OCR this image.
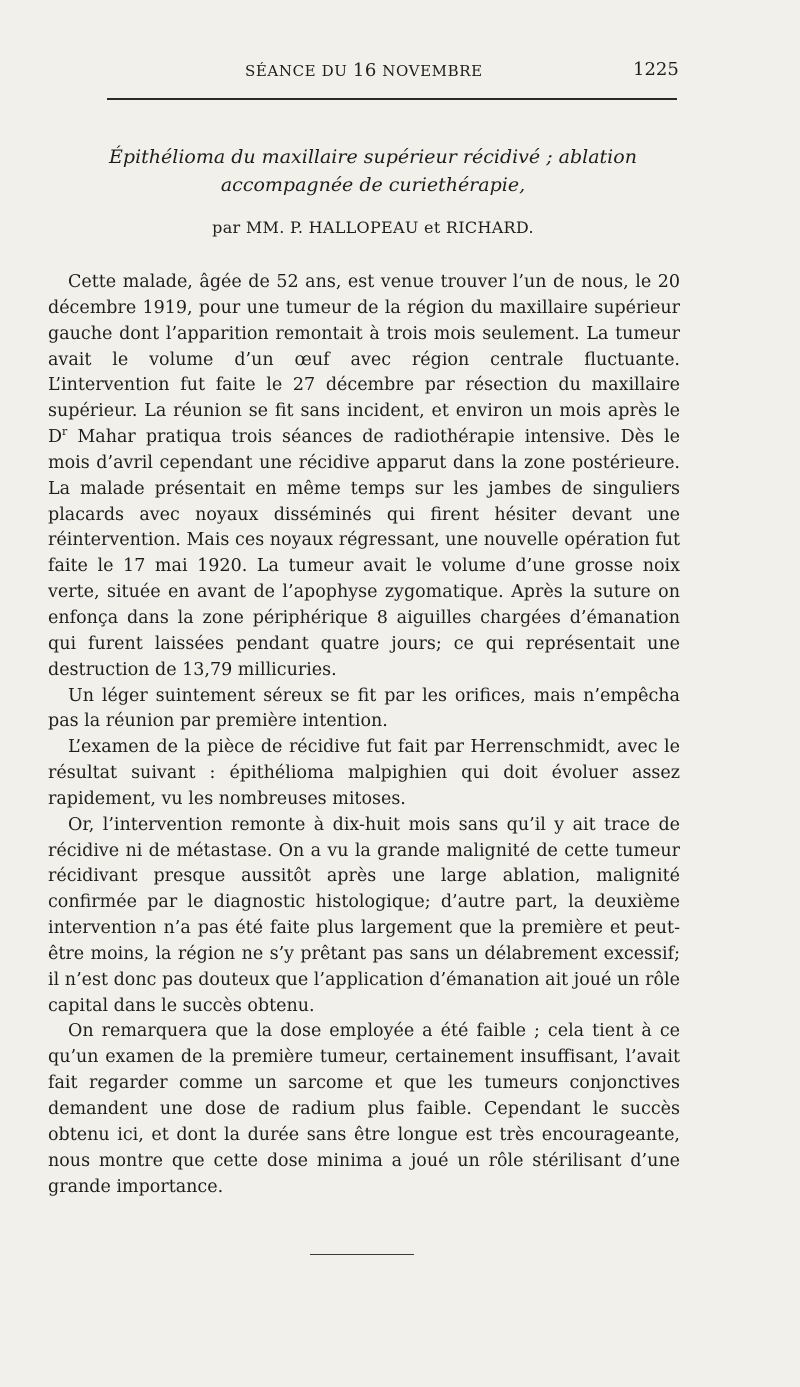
SÉANCE DU 16 NOVEMBRE	1225
Épithélioma du maxillaire supérieur récidivé ; ablation
accompagnée de curiethérapie,
par MM. P. HALLOPEAU et RICHARD.

Cette malade, âgée de 52 ans, est venue trouver l’un de nous, le 20 décembre 1919, pour une tumeur de la région du maxillaire supérieur gauche dont l’apparition remontait à trois mois seulement. La tumeur avait le volume d’un œuf avec région centrale fluctuante. L’intervention fut faite le 27 décembre par résection du maxillaire supérieur. La réunion se fit sans incident, et environ un mois après le $D^r$ Mahar pratiqua trois séances de radiothérapie intensive. Dès le mois d’avril cependant une récidive apparut dans la zone postérieure. La malade présentait en même temps sur les jambes de singuliers placards avec noyaux disséminés qui firent hésiter devant une réintervention. Mais ces noyaux régressant, une nouvelle opération fut faite le 17 mai 1920. La tumeur avait le volume d’une grosse noix verte, située en avant de l’apophyse zygomatique. Après la suture on enfonça dans la zone périphérique 8 aiguilles chargées d’émanation qui furent laissées pendant quatre jours; ce qui représentait une destruction de 13,79 millicuries.

Un léger suintement séreux se fit par les orifices, mais n’empêcha pas la réunion par première intention.

L’examen de la pièce de récidive fut fait par Herrenschmidt, avec le résultat suivant : épithélioma malpighien qui doit évoluer assez rapidement, vu les nombreuses mitoses.

Or, l’intervention remonte à dix-huit mois sans qu’il y ait trace de récidive ni de métastase. On a vu la grande malignité de cette tumeur récidivant presque aussitôt après une large ablation, malignité confirmée par le diagnostic histologique; d’autre part, la deuxième intervention n’a pas été faite plus largement que la première et peut-être moins, la région ne s’y prêtant pas sans un délabrement excessif; il n’est donc pas douteux que l’application d’émanation ait joué un rôle capital dans le succès obtenu.

On remarquera que la dose employée a été faible ; cela tient à ce qu’un examen de la première tumeur, certainement insuffisant, l’avait fait regarder comme un sarcome et que les tumeurs conjonctives demandent une dose de radium plus faible. Cependant le succès obtenu ici, et dont la durée sans être longue est très encourageante, nous montre que cette dose minima a joué un rôle stérilisant d’une grande importance.
